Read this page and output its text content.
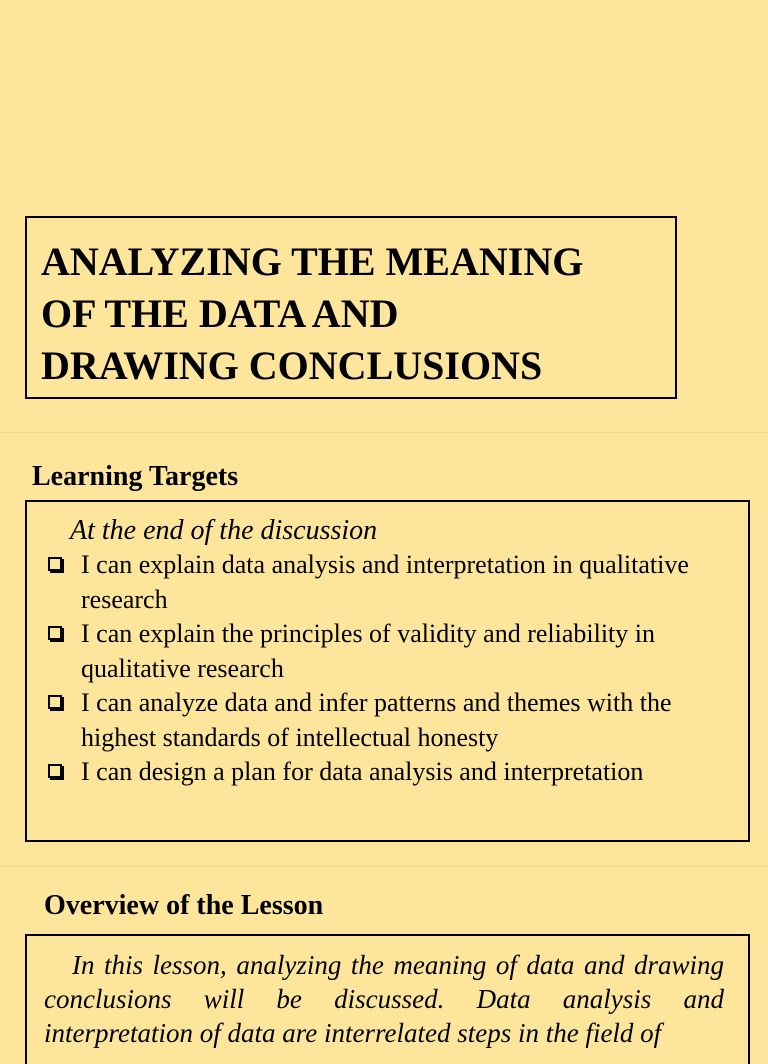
ANALYZING THE MEANING
OF THE DATA AND
DRAWING CONCLUSIONS
Learning Targets

At the end of the discussion

I can explain data analysis and interpretation in qualitative research
I can explain the principles of validity and reliability in qualitative research
I can analyze data and infer patterns and themes with the highest standards of intellectual honesty
I can design a plan for data analysis and interpretation
Overview of the Lesson

In this lesson, analyzing the meaning of data and drawing conclusions will be discussed. Data analysis and interpretation of data are interrelated steps in the field of
